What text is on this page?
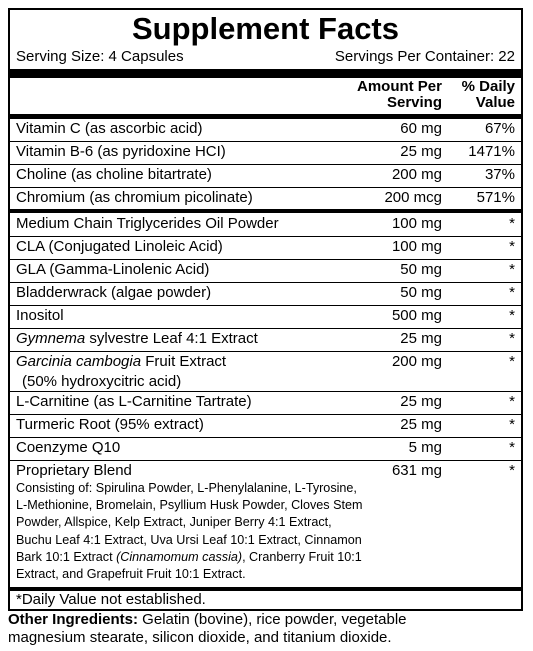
Supplement Facts
Serving Size: 4 Capsules	Servings Per Container: 22
Amount Per
Serving
% Daily
Value
Vitamin C (as ascorbic acid)	60 mg	67%
Vitamin B-6 (as pyridoxine HCI)	25 mg 1471%
Choline (as choline bitartrate)	200 mg	37%
Chromium (as chromium picolinate)	200 mcg 571%
Medium Chain Triglycerides Oil Powder	100 mg	*
CLA (Conjugated Linoleic Acid)	100 mg	*
GLA (Gamma-Linolenic Acid)	50 mg	*
Bladderwrack (algae powder)	50 mg	*
Inositol	500 mg	*
Gymnema sylvestre Leaf 4:1 Extract	25 mg	*
Garcinia cambogia Fruit Extract
(50% hydroxycitric acid)
200 mg	*
L-Carnitine (as L-Carnitine Tartrate)	25 mg	*
Turmeric Root (95% extract)	25 mg	*
Coenzyme Q10	5 mg	*
Proprietary Blend	631 mg	*
Consisting of: Spirulina Powder, L-Phenylalanine, L-Tyrosine,
L-Methionine, Bromelain, Psyllium Husk Powder, Cloves Stem
Powder, Allspice, Kelp Extract, Juniper Berry 4:1 Extract,
Buchu Leaf 4:1 Extract, Uva Ursi Leaf 10:1 Extract, Cinnamon
Bark 10:1 Extract (Cinnamomum cassia), Cranberry Fruit 10:1
Extract, and Grapefruit Fruit 10:1 Extract.
*Daily Value not established.
Other Ingredients: Gelatin (bovine), rice powder, vegetable
magnesium stearate, silicon dioxide, and titanium dioxide.
